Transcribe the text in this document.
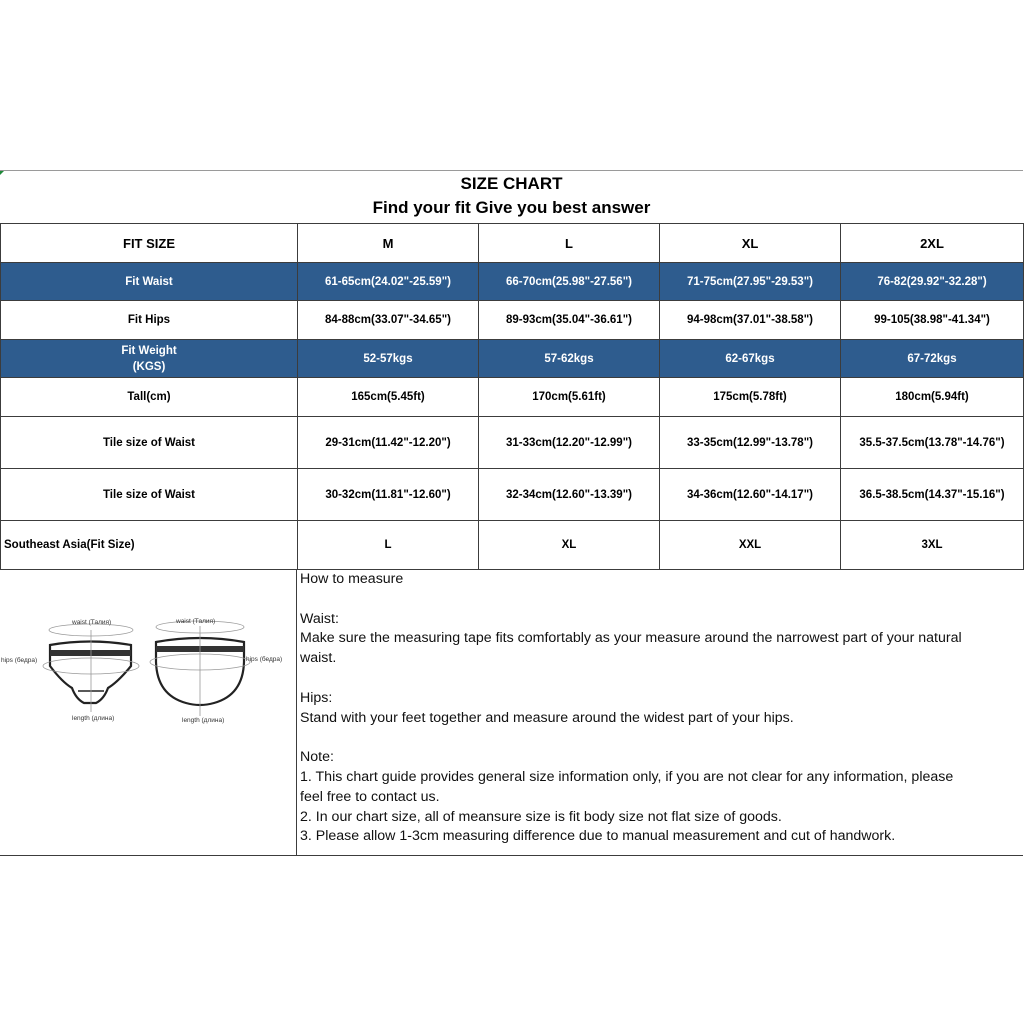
SIZE CHART
Find your fit Give you best answer
FIT SIZE	M	L	XL	2XL
Fit Waist	61-65cm(24.02"-25.59")	66-70cm(25.98"-27.56")	71-75cm(27.95"-29.53")	76-82(29.92"-32.28")
Fit Hips	84-88cm(33.07"-34.65")	89-93cm(35.04"-36.61")	94-98cm(37.01"-38.58")	99-105(38.98"-41.34")

Fit Weight
(KGS)	52-57kgs	57-62kgs	62-67kgs	67-72kgs
Tall(cm)	165cm(5.45ft)	170cm(5.61ft)	175cm(5.78ft)	180cm(5.94ft)
Tile size of Waist	29-31cm(11.42"-12.20")	31-33cm(12.20"-12.99")	33-35cm(12.99"-13.78")	35.5-37.5cm(13.78"-14.76")
Tile size of Waist	30-32cm(11.81"-12.60")	32-34cm(12.60"-13.39")	34-36cm(12.60"-14.17")	36.5-38.5cm(14.37"-15.16")
Southeast Asia(Fit Size)	L	XL	XXL	3XL
waist (Талия)
hips (бедра)
length (длина)
waist (Талия)
hips (бедра)
length (длина)

How to measure

Waist:

Make sure the measuring tape fits comfortably as your measure around the narrowest part of your natural

waist.

Hips:

Stand with your feet together and measure around the widest part of your hips.

Note:

1. This chart guide provides general size information only, if you are not clear for any information, please

feel free to contact us.

2. In our chart size, all of meansure size is fit body size not flat size of goods.

3. Please allow 1-3cm measuring difference due to manual measurement and cut of handwork.
